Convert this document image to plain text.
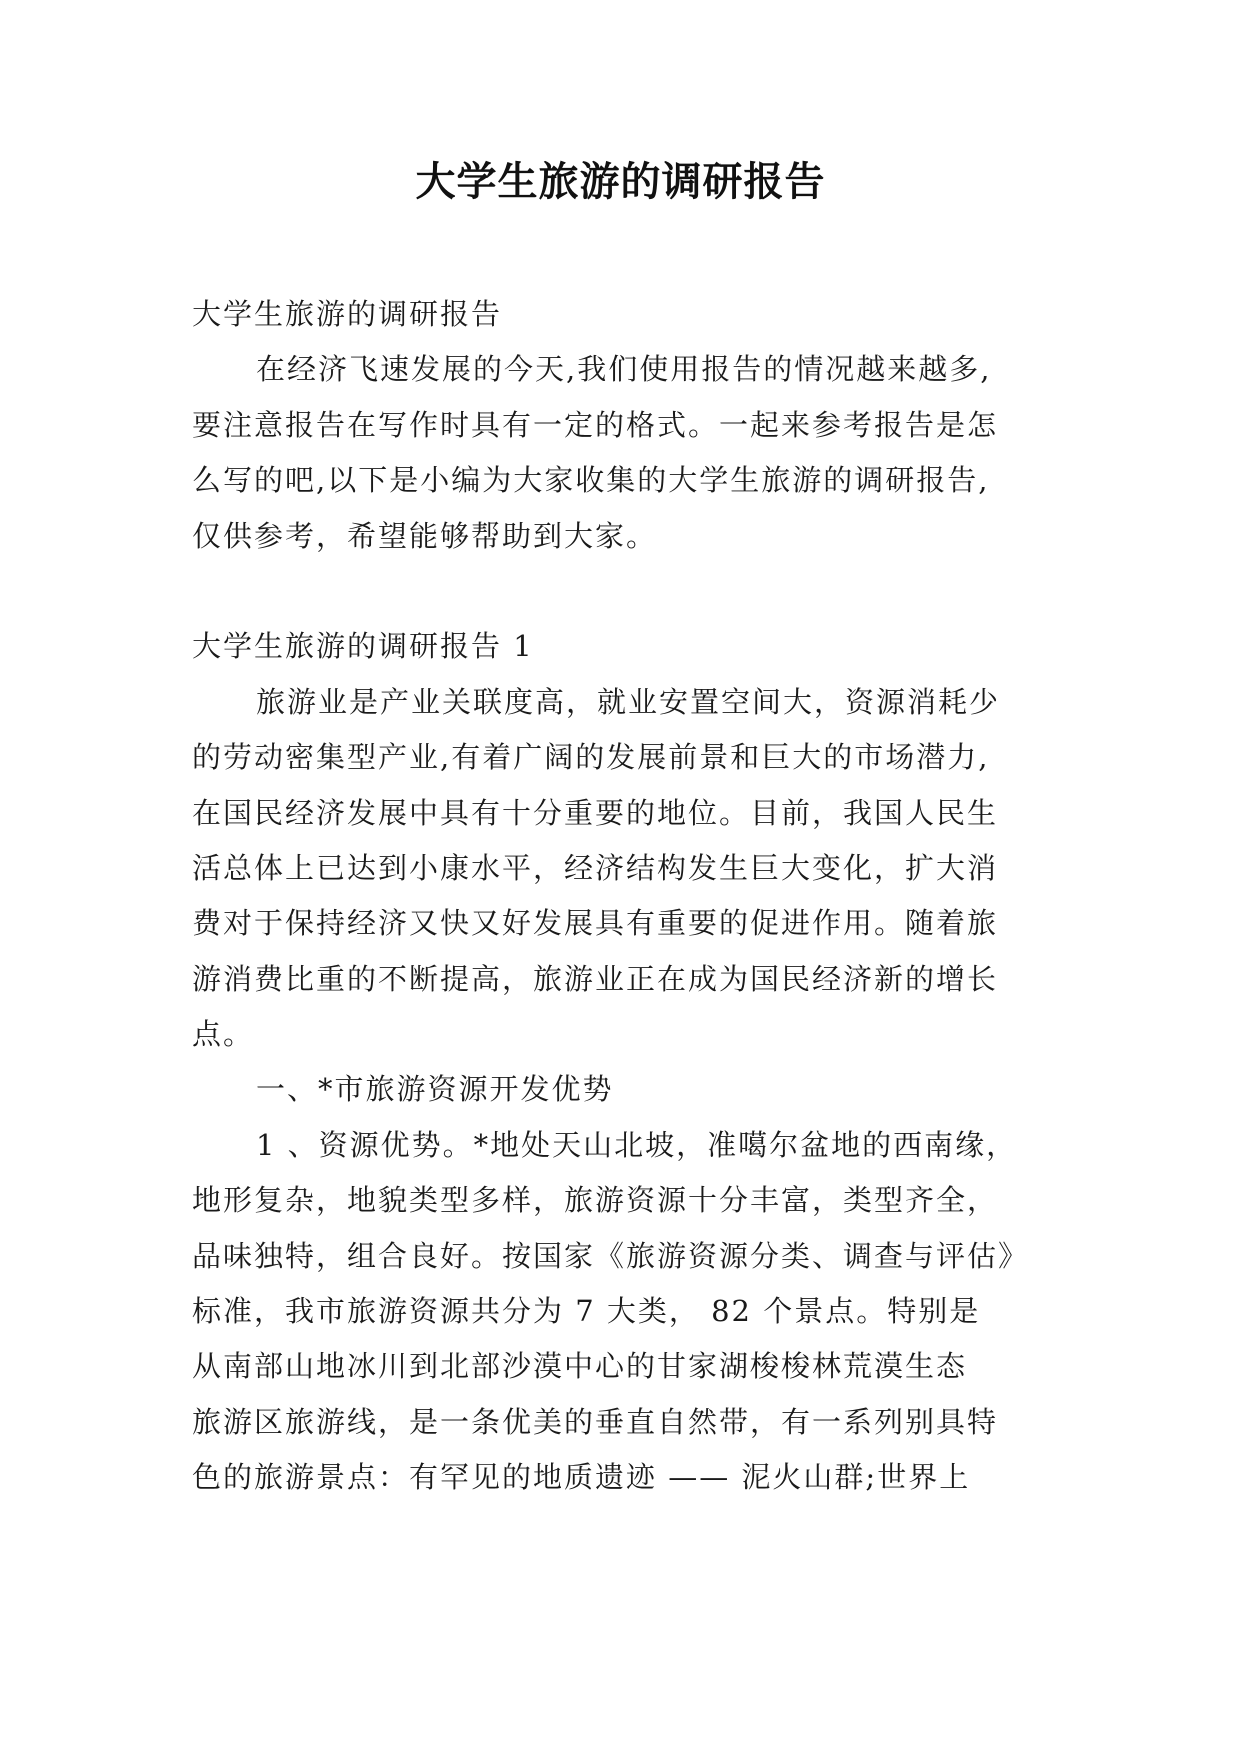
大学生旅游的调研报告
大学生旅游的调研报告
在经济飞速发展的今天,我们使用报告的情况越来越多,
要注意报告在写作时具有一定的格式。一起来参考报告是怎
么写的吧,以下是小编为大家收集的大学生旅游的调研报告,
仅供参考，希望能够帮助到大家。
大学生旅游的调研报告 1
旅游业是产业关联度高，就业安置空间大，资源消耗少
的劳动密集型产业,有着广阔的发展前景和巨大的市场潜力,
在国民经济发展中具有十分重要的地位。目前，我国人民生
活总体上已达到小康水平，经济结构发生巨大变化，扩大消
费对于保持经济又快又好发展具有重要的促进作用。随着旅
游消费比重的不断提高，旅游业正在成为国民经济新的增长
点。
一、*市旅游资源开发优势
1 、资源优势。*地处天山北坡，准噶尔盆地的西南缘，
地形复杂，地貌类型多样，旅游资源十分丰富，类型齐全，
品味独特，组合良好。按国家《旅游资源分类、调查与评估》
标准，我市旅游资源共分为 7 大类， 82 个景点。特别是
从南部山地冰川到北部沙漠中心的甘家湖梭梭林荒漠生态
旅游区旅游线，是一条优美的垂直自然带，有一系列别具特
色的旅游景点：有罕见的地质遗迹 —— 泥火山群;世界上
